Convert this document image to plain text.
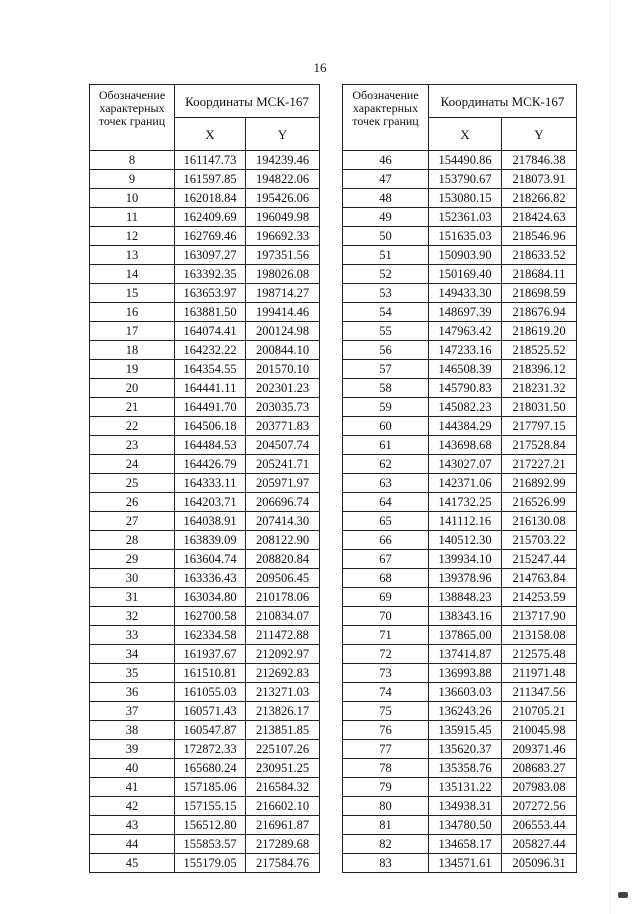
16
Обозначение характерных точек границ	Координаты МСК-167	
	X	Y
8	161147.73	194239.46
9	161597.85	194822.06
10	162018.84	195426.06
11	162409.69	196049.98
12	162769.46	196692.33
13	163097.27	197351.56
14	163392.35	198026.08
15	163653.97	198714.27
16	163881.50	199414.46
17	164074.41	200124.98
18	164232.22	200844.10
19	164354.55	201570.10
20	164441.11	202301.23
21	164491.70	203035.73
22	164506.18	203771.83
23	164484.53	204507.74
24	164426.79	205241.71
25	164333.11	205971.97
26	164203.71	206696.74
27	164038.91	207414.30
28	163839.09	208122.90
29	163604.74	208820.84
30	163336.43	209506.45
31	163034.80	210178.06
32	162700.58	210834.07
33	162334.58	211472.88
34	161937.67	212092.97
35	161510.81	212692.83
36	161055.03	213271.03
37	160571.43	213826.17
38	160547.87	213851.85
39	172872.33	225107.26
40	165680.24	230951.25
41	157185.06	216584.32
42	157155.15	216602.10
43	156512.80	216961.87
44	155853.57	217289.68
45	155179.05	217584.76
Обозначение характерных точек границ	Координаты МСК-167	
	X	Y
46	154490.86	217846.38
47	153790.67	218073.91
48	153080.15	218266.82
49	152361.03	218424.63
50	151635.03	218546.96
51	150903.90	218633.52
52	150169.40	218684.11
53	149433.30	218698.59
54	148697.39	218676.94
55	147963.42	218619.20
56	147233.16	218525.52
57	146508.39	218396.12
58	145790.83	218231.32
59	145082.23	218031.50
60	144384.29	217797.15
61	143698.68	217528.84
62	143027.07	217227.21
63	142371.06	216892.99
64	141732.25	216526.99
65	141112.16	216130.08
66	140512.30	215703.22
67	139934.10	215247.44
68	139378.96	214763.84
69	138848.23	214253.59
70	138343.16	213717.90
71	137865.00	213158.08
72	137414.87	212575.48
73	136993.88	211971.48
74	136603.03	211347.56
75	136243.26	210705.21
76	135915.45	210045.98
77	135620.37	209371.46
78	135358.76	208683.27
79	135131.22	207983.08
80	134938.31	207272.56
81	134780.50	206553.44
82	134658.17	205827.44
83	134571.61	205096.31
